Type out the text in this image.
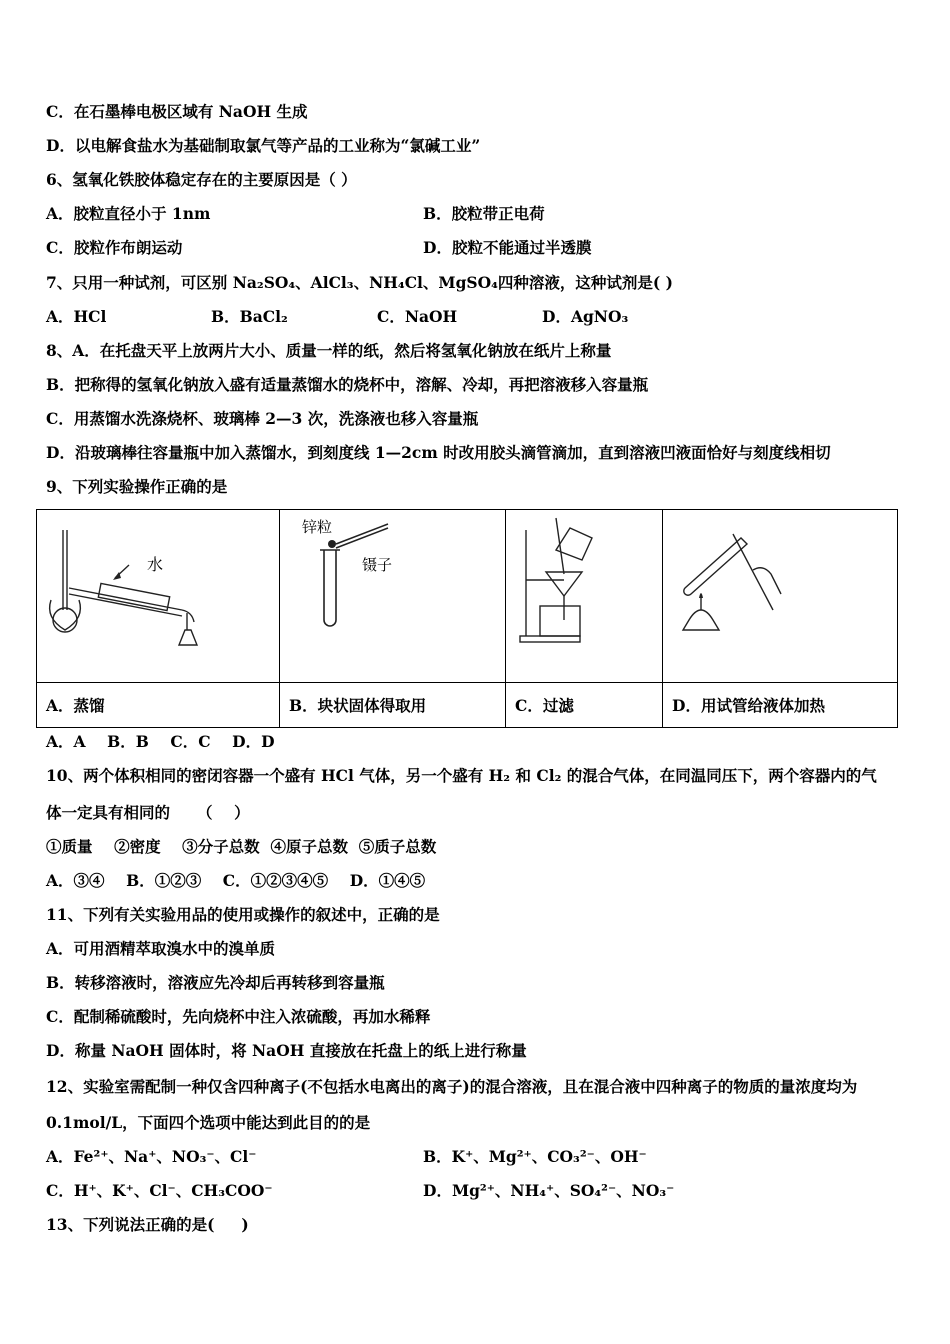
C．在石墨棒电极区域有 NaOH 生成
D．以电解食盐水为基础制取氯气等产品的工业称为“氯碱工业”
6、氢氧化铁胶体稳定存在的主要原因是（ ）
A．胶粒直径小于 1nm	B．胶粒带正电荷
C．胶粒作布朗运动	D．胶粒不能通过半透膜
7、只用一种试剂，可区别 Na₂SO₄、AlCl₃、NH₄Cl、MgSO₄四种溶液，这种试剂是( )
A．HCl	B．BaCl₂	C．NaOH	D．AgNO₃
8、A．在托盘天平上放两片大小、质量一样的纸，然后将氢氧化钠放在纸片上称量
B．把称得的氢氧化钠放入盛有适量蒸馏水的烧杯中，溶解、冷却，再把溶液移入容量瓶
C．用蒸馏水洗涤烧杯、玻璃棒 2—3 次，洗涤液也移入容量瓶
D．沿玻璃棒往容量瓶中加入蒸馏水，到刻度线 1—2cm 时改用胶头滴管滴加，直到溶液凹液面恰好与刻度线相切
9、下列实验操作正确的是
水	锌粒
镊子

A．蒸馏	B．块状固体得取用	C．过滤	D．用试管给液体加热
A．A    B．B    C．C    D．D
10、两个体积相同的密闭容器一个盛有 HCl 气体，另一个盛有 H₂ 和 Cl₂ 的混合气体，在同温同压下，两个容器内的气
体一定具有相同的     （    ）
①质量    ②密度    ③分子总数  ④原子总数  ⑤质子总数
A．③④    B．①②③    C．①②③④⑤    D．①④⑤
11、下列有关实验用品的使用或操作的叙述中，正确的是
A．可用酒精萃取溴水中的溴单质
B．转移溶液时，溶液应先冷却后再转移到容量瓶
C．配制稀硫酸时，先向烧杯中注入浓硫酸，再加水稀释
D．称量 NaOH 固体时，将 NaOH 直接放在托盘上的纸上进行称量
12、实验室需配制一种仅含四种离子(不包括水电离出的离子)的混合溶液，且在混合液中四种离子的物质的量浓度均为
0.1mol/L，下面四个选项中能达到此目的的是
A．Fe²⁺、Na⁺、NO₃⁻、Cl⁻	B．K⁺、Mg²⁺、CO₃²⁻、OH⁻
C．H⁺、K⁺、Cl⁻、CH₃COO⁻	D．Mg²⁺、NH₄⁺、SO₄²⁻、NO₃⁻
13、下列说法正确的是(     )
